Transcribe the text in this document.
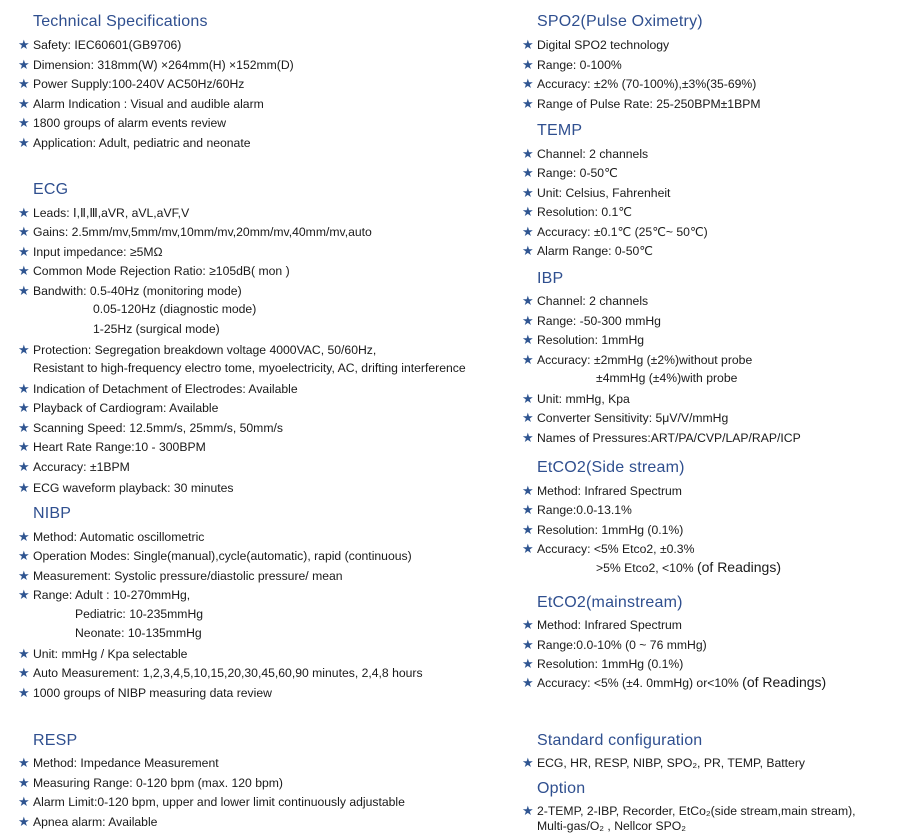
Technical Specifications
★ Safety: IEC60601(GB9706)
★ Dimension: 318mm(W) ×264mm(H) ×152mm(D)
★ Power Supply:100-240V AC50Hz/60Hz
★ Alarm Indication : Visual and audible alarm
★ 1800 groups of alarm events review
★ Application: Adult, pediatric and neonate
ECG
★ Leads: Ⅰ,Ⅱ,Ⅲ,aVR, aVL,aVF,V
★ Gains: 2.5mm/mv,5mm/mv,10mm/mv,20mm/mv,40mm/mv,auto
★ Input impedance: ≥5MΩ
★ Common Mode Rejection Ratio: ≥105dB( mon )
★ Bandwith: 0.5-40Hz (monitoring mode)
0.05-120Hz (diagnostic mode)
1-25Hz (surgical mode)
★ Protection: Segregation breakdown voltage 4000VAC, 50/60Hz,
Resistant to high-frequency electro tome, myoelectricity, AC, drifting interference
★ Indication of Detachment of Electrodes: Available
★ Playback of Cardiogram: Available
★ Scanning Speed: 12.5mm/s, 25mm/s, 50mm/s
★ Heart Rate Range:10 - 300BPM
★ Accuracy: ±1BPM
★ ECG waveform playback: 30 minutes
NIBP
★ Method: Automatic oscillometric
★ Operation Modes: Single(manual),cycle(automatic), rapid (continuous)
★ Measurement: Systolic pressure/diastolic pressure/ mean
★ Range: Adult : 10-270mmHg,
Pediatric: 10-235mmHg
Neonate: 10-135mmHg
★ Unit: mmHg / Kpa selectable
★ Auto Measurement: 1,2,3,4,5,10,15,20,30,45,60,90 minutes, 2,4,8 hours
★ 1000 groups of NIBP measuring data review
RESP
★ Method: Impedance Measurement
★ Measuring Range: 0-120 bpm (max. 120 bpm)
★ Alarm Limit:0-120 bpm, upper and lower limit continuously adjustable
★ Apnea alarm: Available
SPO2(Pulse Oximetry)
★ Digital SPO2 technology
★ Range: 0-100%
★ Accuracy: ±2% (70-100%),±3%(35-69%)
★ Range of Pulse Rate: 25-250BPM±1BPM
TEMP
★ Channel: 2 channels
★ Range: 0-50℃
★ Unit: Celsius, Fahrenheit
★ Resolution: 0.1℃
★ Accuracy: ±0.1℃ (25℃~ 50℃)
★ Alarm Range: 0-50℃
IBP
★ Channel: 2 channels
★ Range: -50-300 mmHg
★ Resolution: 1mmHg
★ Accuracy: ±2mmHg (±2%)without probe
±4mmHg (±4%)with probe
★ Unit: mmHg, Kpa
★ Converter Sensitivity: 5μV/V/mmHg
★ Names of Pressures:ART/PA/CVP/LAP/RAP/ICP
EtCO2(Side stream)
★ Method: Infrared Spectrum
★ Range:0.0-13.1%
★ Resolution: 1mmHg (0.1%)
★ Accuracy: <5% Etco2, ±0.3%
>5% Etco2, <10% (of Readings)
EtCO2(mainstream)
★ Method: Infrared Spectrum
★ Range:0.0-10% (0 ~ 76 mmHg)
★ Resolution: 1mmHg (0.1%)
★ Accuracy: <5% (±4. 0mmHg) or<10% (of Readings)
Standard configuration
★ ECG, HR, RESP, NIBP, SPO₂, PR, TEMP, Battery
Option
★ 2-TEMP, 2-IBP, Recorder, EtCo₂(side stream,main stream),
Multi-gas/O₂ , Nellcor SPO₂
